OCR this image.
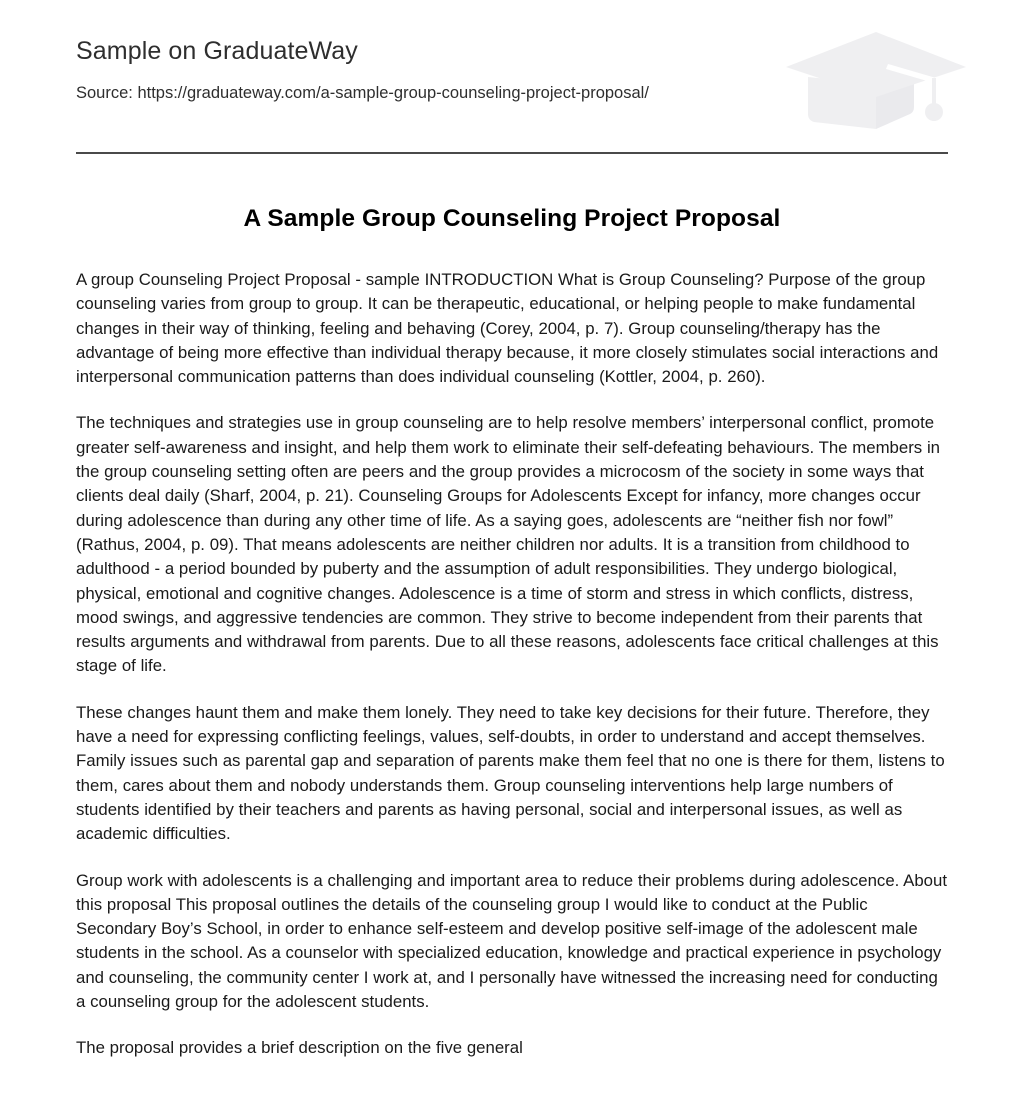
Sample on GraduateWay
Source: https://graduateway.com/a-sample-group-counseling-project-proposal/
A Sample Group Counseling Project Proposal

A group Counseling Project Proposal - sample INTRODUCTION What is Group Counseling? Purpose of the group counseling varies from group to group. It can be therapeutic, educational, or helping people to make fundamental changes in their way of thinking, feeling and behaving (Corey, 2004, p. 7). Group counseling/therapy has the advantage of being more effective than individual therapy because, it more closely stimulates social interactions and interpersonal communication patterns than does individual counseling (Kottler, 2004, p. 260).

The techniques and strategies use in group counseling are to help resolve members’ interpersonal conflict, promote greater self-awareness and insight, and help them work to eliminate their self-defeating behaviours. The members in the group counseling setting often are peers and the group provides a microcosm of the society in some ways that clients deal daily (Sharf, 2004, p. 21). Counseling Groups for Adolescents Except for infancy, more changes occur during adolescence than during any other time of life. As a saying goes, adolescents are “neither fish nor fowl” (Rathus, 2004, p. 09). That means adolescents are neither children nor adults. It is a transition from childhood to adulthood - a period bounded by puberty and the assumption of adult responsibilities. They undergo biological, physical, emotional and cognitive changes. Adolescence is a time of storm and stress in which conflicts, distress, mood swings, and aggressive tendencies are common. They strive to become independent from their parents that results arguments and withdrawal from parents. Due to all these reasons, adolescents face critical challenges at this stage of life.

These changes haunt them and make them lonely. They need to take key decisions for their future. Therefore, they have a need for expressing conflicting feelings, values, self-doubts, in order to understand and accept themselves. Family issues such as parental gap and separation of parents make them feel that no one is there for them, listens to them, cares about them and nobody understands them. Group counseling interventions help large numbers of students identified by their teachers and parents as having personal, social and interpersonal issues, as well as academic difficulties.

Group work with adolescents is a challenging and important area to reduce their problems during adolescence. About this proposal This proposal outlines the details of the counseling group I would like to conduct at the Public Secondary Boy’s School, in order to enhance self-esteem and develop positive self-image of the adolescent male students in the school. As a counselor with specialized education, knowledge and practical experience in psychology and counseling, the community center I work at, and I personally have witnessed the increasing need for conducting a counseling group for the adolescent students.

The proposal provides a brief description on the five general
